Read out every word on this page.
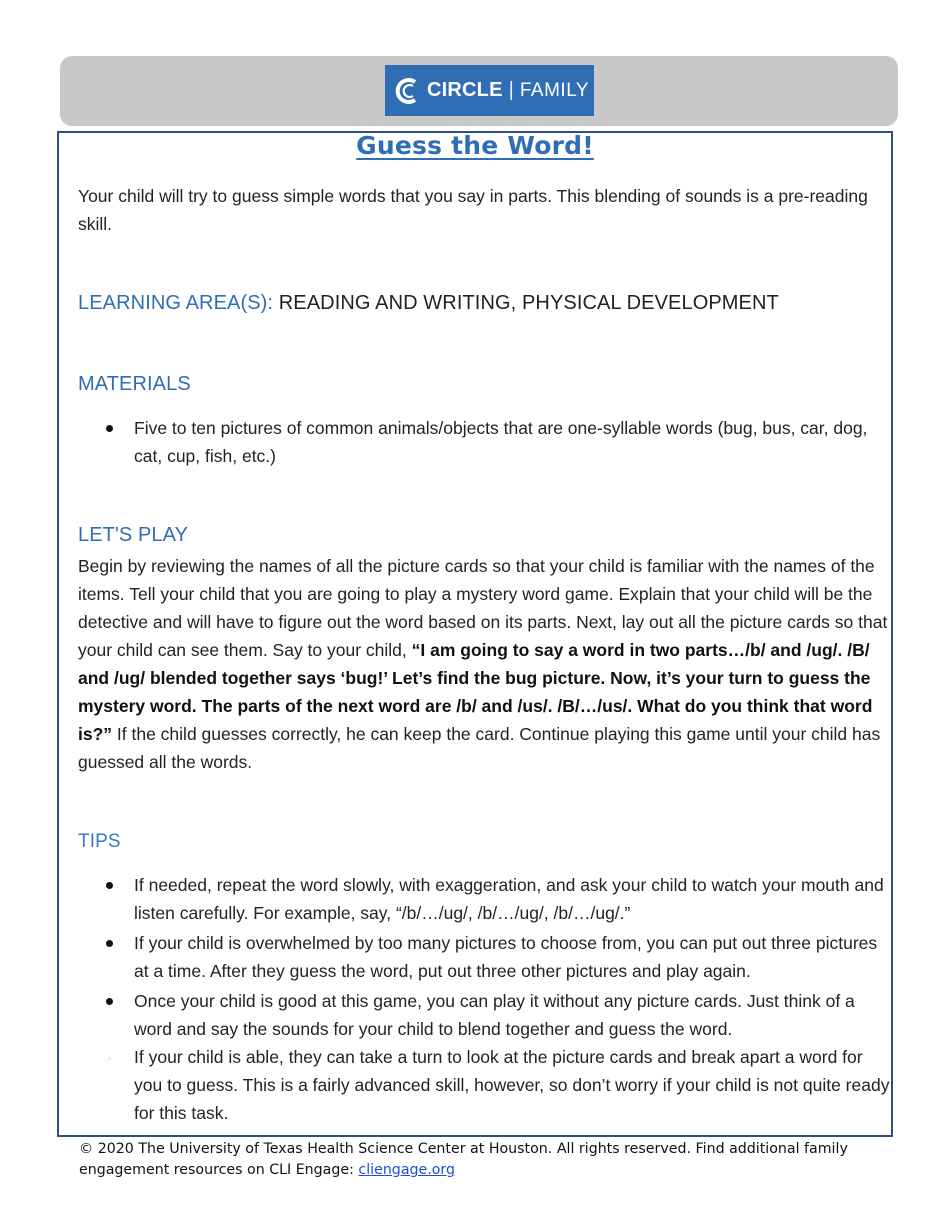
CIRCLE | FAMILY
Guess the Word!
Your child will try to guess simple words that you say in parts. This blending of sounds is a pre-reading skill.
LEARNING AREA(S): READING AND WRITING, PHYSICAL DEVELOPMENT
MATERIALS
Five to ten pictures of common animals/objects that are one-syllable words (bug, bus, car, dog, cat, cup, fish, etc.)
LET'S PLAY
Begin by reviewing the names of all the picture cards so that your child is familiar with the names of the items. Tell your child that you are going to play a mystery word game. Explain that your child will be the detective and will have to figure out the word based on its parts. Next, lay out all the picture cards so that your child can see them. Say to your child, “I am going to say a word in two parts…/b/ and /ug/. /B/ and /ug/ blended together says ‘bug!’ Let’s find the bug picture. Now, it’s your turn to guess the mystery word. The parts of the next word are /b/ and /us/. /B/…/us/. What do you think that word is?” If the child guesses correctly, he can keep the card. Continue playing this game until your child has guessed all the words.
TIPS
If needed, repeat the word slowly, with exaggeration, and ask your child to watch your mouth and listen carefully. For example, say, “/b/…/ug/, /b/…/ug/, /b/…/ug/.”
If your child is overwhelmed by too many pictures to choose from, you can put out three pictures at a time. After they guess the word, put out three other pictures and play again.
Once your child is good at this game, you can play it without any picture cards. Just think of a word and say the sounds for your child to blend together and guess the word.
If your child is able, they can take a turn to look at the picture cards and break apart a word for you to guess. This is a fairly advanced skill, however, so don’t worry if your child is not quite ready for this task.
© 2020 The University of Texas Health Science Center at Houston. All rights reserved. Find additional family engagement resources on CLI Engage: cliengage.org
